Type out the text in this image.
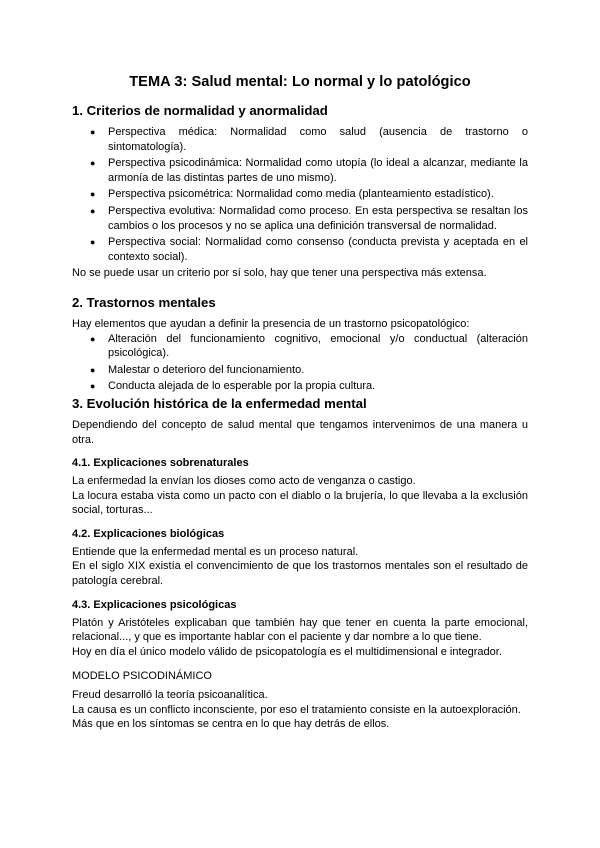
TEMA 3: Salud mental: Lo normal y lo patológico
1. Criterios de normalidad y anormalidad
● Perspectiva médica: Normalidad como salud (ausencia de trastorno o sintomatología).
● Perspectiva psicodinámica: Normalidad como utopía (lo ideal a alcanzar, mediante la armonía de las distintas partes de uno mismo).
● Perspectiva psicométrica: Normalidad como media (planteamiento estadístico).
● Perspectiva evolutiva: Normalidad como proceso. En esta perspectiva se resaltan los cambios o los procesos y no se aplica una definición transversal de normalidad.
● Perspectiva social: Normalidad como consenso (conducta prevista y aceptada en el contexto social).

No se puede usar un criterio por sí solo, hay que tener una perspectiva más extensa.

2. Trastornos mentales

Hay elementos que ayudan a definir la presencia de un trastorno psicopatológico:

● Alteración del funcionamiento cognitivo, emocional y/o conductual (alteración psicológica).
● Malestar o deterioro del funcionamiento.
● Conducta alejada de lo esperable por la propia cultura.
3. Evolución histórica de la enfermedad mental

Dependiendo del concepto de salud mental que tengamos intervenimos de una manera u otra.

4.1. Explicaciones sobrenaturales

La enfermedad la envían los dioses como acto de venganza o castigo.

La locura estaba vista como un pacto con el diablo o la brujería, lo que llevaba a la exclusión social, torturas...

4.2. Explicaciones biológicas

Entiende que la enfermedad mental es un proceso natural.

En el siglo XIX existía el convencimiento de que los trastornos mentales son el resultado de patología cerebral.

4.3. Explicaciones psicológicas

Platón y Aristóteles explicaban que también hay que tener en cuenta la parte emocional, relacional..., y que es importante hablar con el paciente y dar nombre a lo que tiene.

Hoy en día el único modelo válido de psicopatología es el multidimensional e integrador.

MODELO PSICODINÁMICO

Freud desarrolló la teoría psicoanalítica.

La causa es un conflicto inconsciente, por eso el tratamiento consiste en la autoexploración.

Más que en los síntomas se centra en lo que hay detrás de ellos.
